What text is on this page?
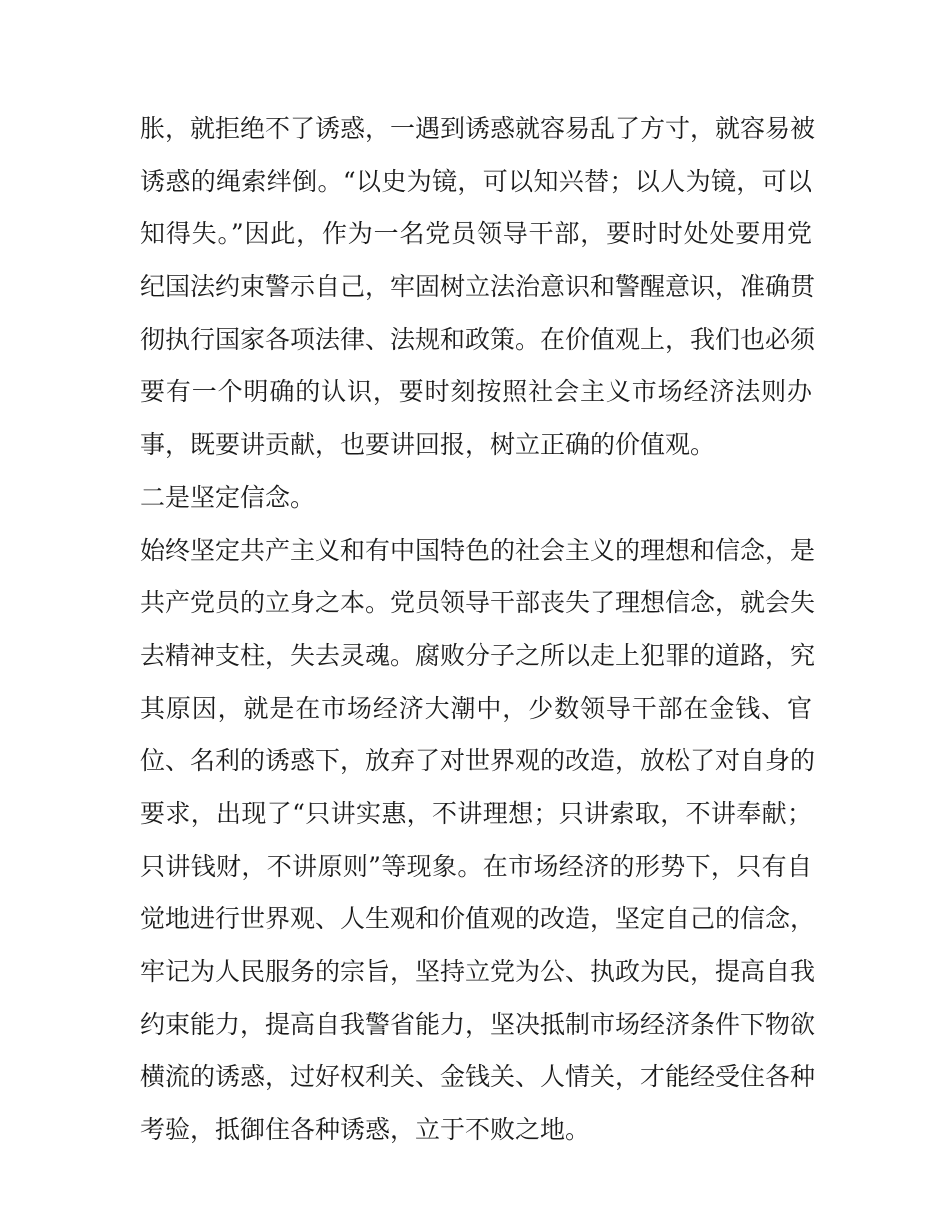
胀，就拒绝不了诱惑，一遇到诱惑就容易乱了方寸，就容易被
诱惑的绳索绊倒。“以史为镜，可以知兴替；以人为镜，可以
知得失。”因此，作为一名党员领导干部，要时时处处要用党
纪国法约束警示自己，牢固树立法治意识和警醒意识，准确贯
彻执行国家各项法律、法规和政策。在价值观上，我们也必须
要有一个明确的认识，要时刻按照社会主义市场经济法则办
事，既要讲贡献，也要讲回报，树立正确的价值观。
二是坚定信念。
始终坚定共产主义和有中国特色的社会主义的理想和信念，是
共产党员的立身之本。党员领导干部丧失了理想信念，就会失
去精神支柱，失去灵魂。腐败分子之所以走上犯罪的道路，究
其原因，就是在市场经济大潮中，少数领导干部在金钱、官
位、名利的诱惑下，放弃了对世界观的改造，放松了对自身的
要求，出现了“只讲实惠，不讲理想；只讲索取，不讲奉献；
只讲钱财，不讲原则”等现象。在市场经济的形势下，只有自
觉地进行世界观、人生观和价值观的改造，坚定自己的信念，
牢记为人民服务的宗旨，坚持立党为公、执政为民，提高自我
约束能力，提高自我警省能力，坚决抵制市场经济条件下物欲
横流的诱惑，过好权利关、金钱关、人情关，才能经受住各种
考验，抵御住各种诱惑，立于不败之地。
